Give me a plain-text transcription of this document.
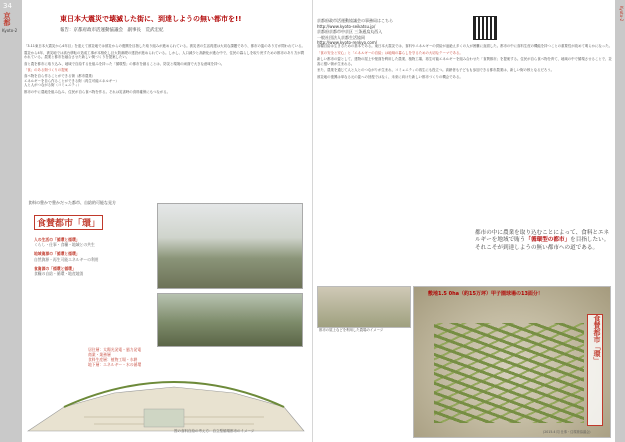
34
京都
Kyoto-2
東日本大震災で壊滅した街に、到達しようの無い都市を!!
報告：京都府政市活運動協議会　副事長　荒武宏紀

「3.11東日本大震災から4年目」を迎えて被災地では被災からの復興を目指した取り組みが進められている。被災者の生活再建は大切な課題であり、都市の姿のあり方が問われている。

震災から4年、被災地では高台移転の造成工事が本格化し巨大防潮堤の建設が進められている。しかし、人口減少と高齢化が進む中で、住民の暮らしを取り戻すための都市のあり方が問われている。農業と都市を融合させた新しい街づくりを提案したい。

食と農を都市に取り込み、地域で自給する仕組みを持った「循環型」の都市を創ることは、防災と環境の両面で大きな意味を持つ。

「食」のある街づくりの提案

食べ物を自ら作ることができる街（都市農業）
エネルギーを自ら作ることができる街（再生可能エネルギー）
人と人がつながる街（コミュニティ）

都市の中に農地を組み込み、住民が自ら食べ物を作る。それは災害時の食料確保にもつながる。

食料の豊かで豊かだった都市、自給的可能な見方
食賛都巿「環」
人の生活の「循環と循環」
くらし・仕事・食糧・地域との共生
地域資源の「循環と循環」
自然資源・再生可能エネルギーの利用
食資源の「循環と循環」
食糧の自給・循環・地産地消
居住層：太陽光発電・風力発電
商業・業務層
食料生産層：植物工場・水耕
地下層：エネルギー・水の循環
図の食料自給の考え方：自立型循環都市のイメージ
Kyoto-2
京都府政市活運動協議会の事務局はこちら
http://www.kyoto-seikatsu.jp/
京都府京都市中京区 三条通烏丸西入
一般社団法人京都生活協同
http://www.kyoto-renkyo.com/

食糧自給は生きるための基本である。東日本大震災では、食料やエネルギーの供給が途絶え多くの人が困難に直面した。都市の中に食料生産の機能を持つことの重要性が改めて明らかになった。

「食の安全と安心」と「エネルギーの自給」は地域の暮らしを守るための大切なテーマである。

新しい都市の姿として、建物の屋上や壁面を利用した農業、植物工場、再生可能エネルギーを組み合わせた「食賛都市」を提案する。住民が自ら食べ物を育て、地域の中で循環させることで、災害に強い街が生まれる。

また、農業を通じて人と人とのつながりが生まれ、コミュニティの再生にも役立つ。高齢者も子どもも参加できる都市農業は、新しい街の核となるだろう。

被災地の復興は単なる元の姿への回復ではなく、未来に向けた新しい都市づくりの機会である。

都市の中に農業を取り込むことによって、食料とエネルギーを地域で賄う「循環型の都市」を目指したい。それこそが到達しようの無い都市への道である。
都市の屋上などを利用した農場のイメージ
敷地1.5 0ha（約15万坪）甲子園球場の13面分！
食賛都市「環」
(2015.4 同 仕事・住環境協議会)
